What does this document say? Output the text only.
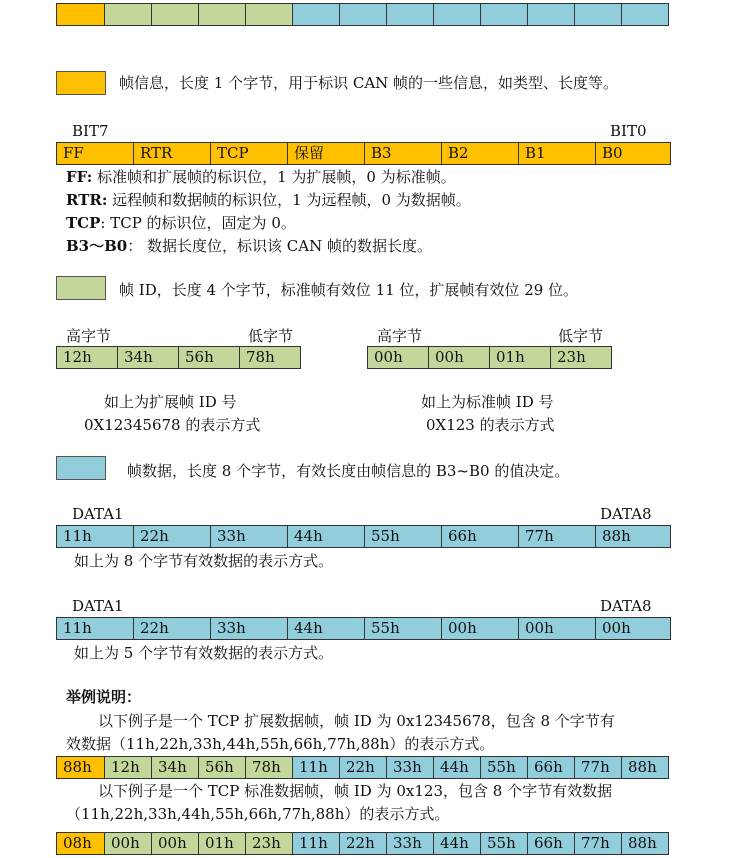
帧信息，长度 1 个字节，用于标识 CAN 帧的一些信息，如类型、长度等。
BIT7	BIT0
FF	RTR	TCP	保留	B3	B2	B1	B0
FF: 标准帧和扩展帧的标识位，1 为扩展帧，0 为标准帧。
RTR: 远程帧和数据帧的标识位，1 为远程帧，0 为数据帧。
TCP: TCP 的标识位，固定为 0。
B3～B0： 数据长度位，标识该 CAN 帧的数据长度。
帧 ID，长度 4 个字节，标准帧有效位 11 位，扩展帧有效位 29 位。
高字节	低字节	高字节	低字节
12h	34h	56h	78h	00h	00h	01h	23h
如上为扩展帧 ID 号
0X12345678 的表示方式
如上为标准帧 ID 号
0X123 的表示方式
帧数据，长度 8 个字节，有效长度由帧信息的 B3~B0 的值决定。
DATA1	DATA8
11h	22h	33h	44h	55h	66h	77h	88h
如上为 8 个字节有效数据的表示方式。
DATA1	DATA8
11h	22h	33h	44h	55h	00h	00h	00h
如上为 5 个字节有效数据的表示方式。
举例说明：
以下例子是一个 TCP 扩展数据帧，帧 ID 为 0x12345678，包含 8 个字节有
效数据（11h,22h,33h,44h,55h,66h,77h,88h）的表示方式。
88h	12h	34h	56h	78h	11h	22h	33h	44h	55h	66h	77h	88h
以下例子是一个 TCP 标准数据帧，帧 ID 为 0x123，包含 8 个字节有效数据
（11h,22h,33h,44h,55h,66h,77h,88h）的表示方式。
08h	00h	00h	01h	23h	11h	22h	33h	44h	55h	66h	77h	88h
